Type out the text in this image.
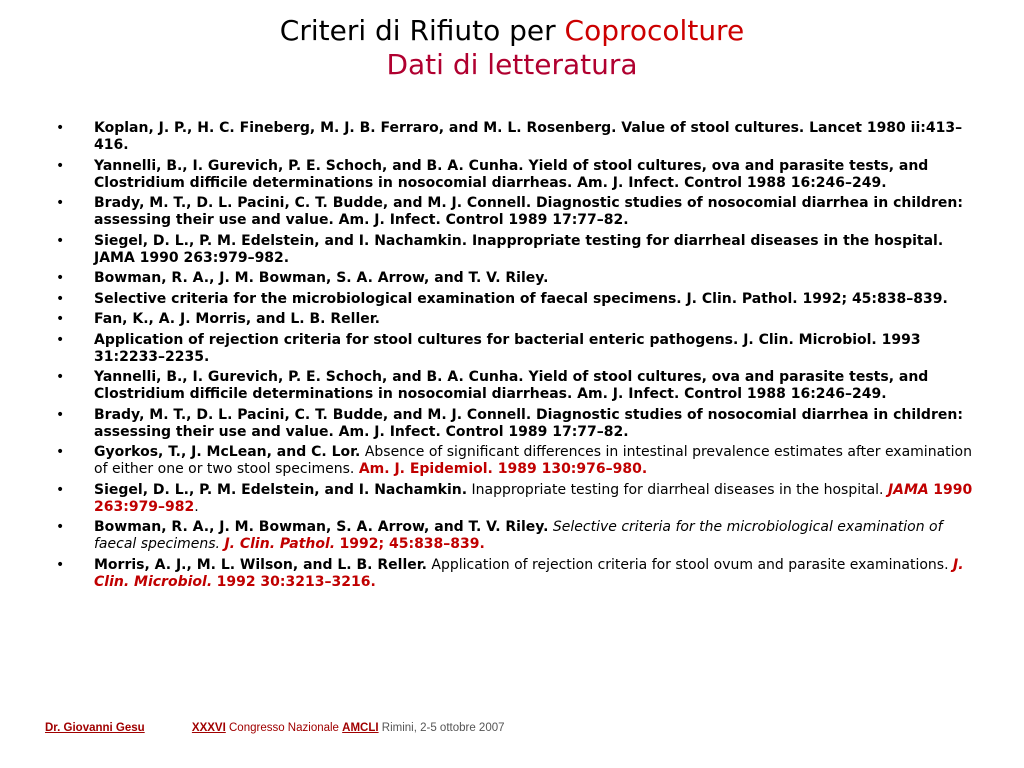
Criteri di Rifiuto per Coprocolture
Dati di letteratura
• Koplan, J. P., H. C. Fineberg, M. J. B. Ferraro, and M. L. Rosenberg. Value of stool cultures. Lancet 1980 ii:413–416.
• Yannelli, B., I. Gurevich, P. E. Schoch, and B. A. Cunha. Yield of stool cultures, ova and parasite tests, and Clostridium difficile determinations in nosocomial diarrheas. Am. J. Infect. Control 1988 16:246–249.
• Brady, M. T., D. L. Pacini, C. T. Budde, and M. J. Connell. Diagnostic studies of nosocomial diarrhea in children: assessing their use and value. Am. J. Infect. Control 1989 17:77–82.
• Siegel, D. L., P. M. Edelstein, and I. Nachamkin. Inappropriate testing for diarrheal diseases in the hospital. JAMA 1990 263:979–982.
• Bowman, R. A., J. M. Bowman, S. A. Arrow, and T. V. Riley.
• Selective criteria for the microbiological examination of faecal specimens. J. Clin. Pathol. 1992; 45:838–839.
• Fan, K., A. J. Morris, and L. B. Reller.
• Application of rejection criteria for stool cultures for bacterial enteric pathogens. J. Clin. Microbiol. 1993 31:2233–2235.
• Yannelli, B., I. Gurevich, P. E. Schoch, and B. A. Cunha. Yield of stool cultures, ova and parasite tests, and Clostridium difficile determinations in nosocomial diarrheas. Am. J. Infect. Control 1988 16:246–249.
• Brady, M. T., D. L. Pacini, C. T. Budde, and M. J. Connell. Diagnostic studies of nosocomial diarrhea in children: assessing their use and value. Am. J. Infect. Control 1989 17:77–82.
• Gyorkos, T., J. McLean, and C. Lor. Absence of significant differences in intestinal prevalence estimates after examination of either one or two stool specimens. Am. J. Epidemiol. 1989 130:976–980.
• Siegel, D. L., P. M. Edelstein, and I. Nachamkin. Inappropriate testing for diarrheal diseases in the hospital. JAMA 1990 263:979–982.
• Bowman, R. A., J. M. Bowman, S. A. Arrow, and T. V. Riley. Selective criteria for the microbiological examination of faecal specimens. J. Clin. Pathol. 1992; 45:838–839.
• Morris, A. J., M. L. Wilson, and L. B. Reller. Application of rejection criteria for stool ovum and parasite examinations. J. Clin. Microbiol. 1992 30:3213–3216.
Dr. Giovanni Gesu	XXXVI Congresso Nazionale AMCLI Rimini, 2-5 ottobre 2007
